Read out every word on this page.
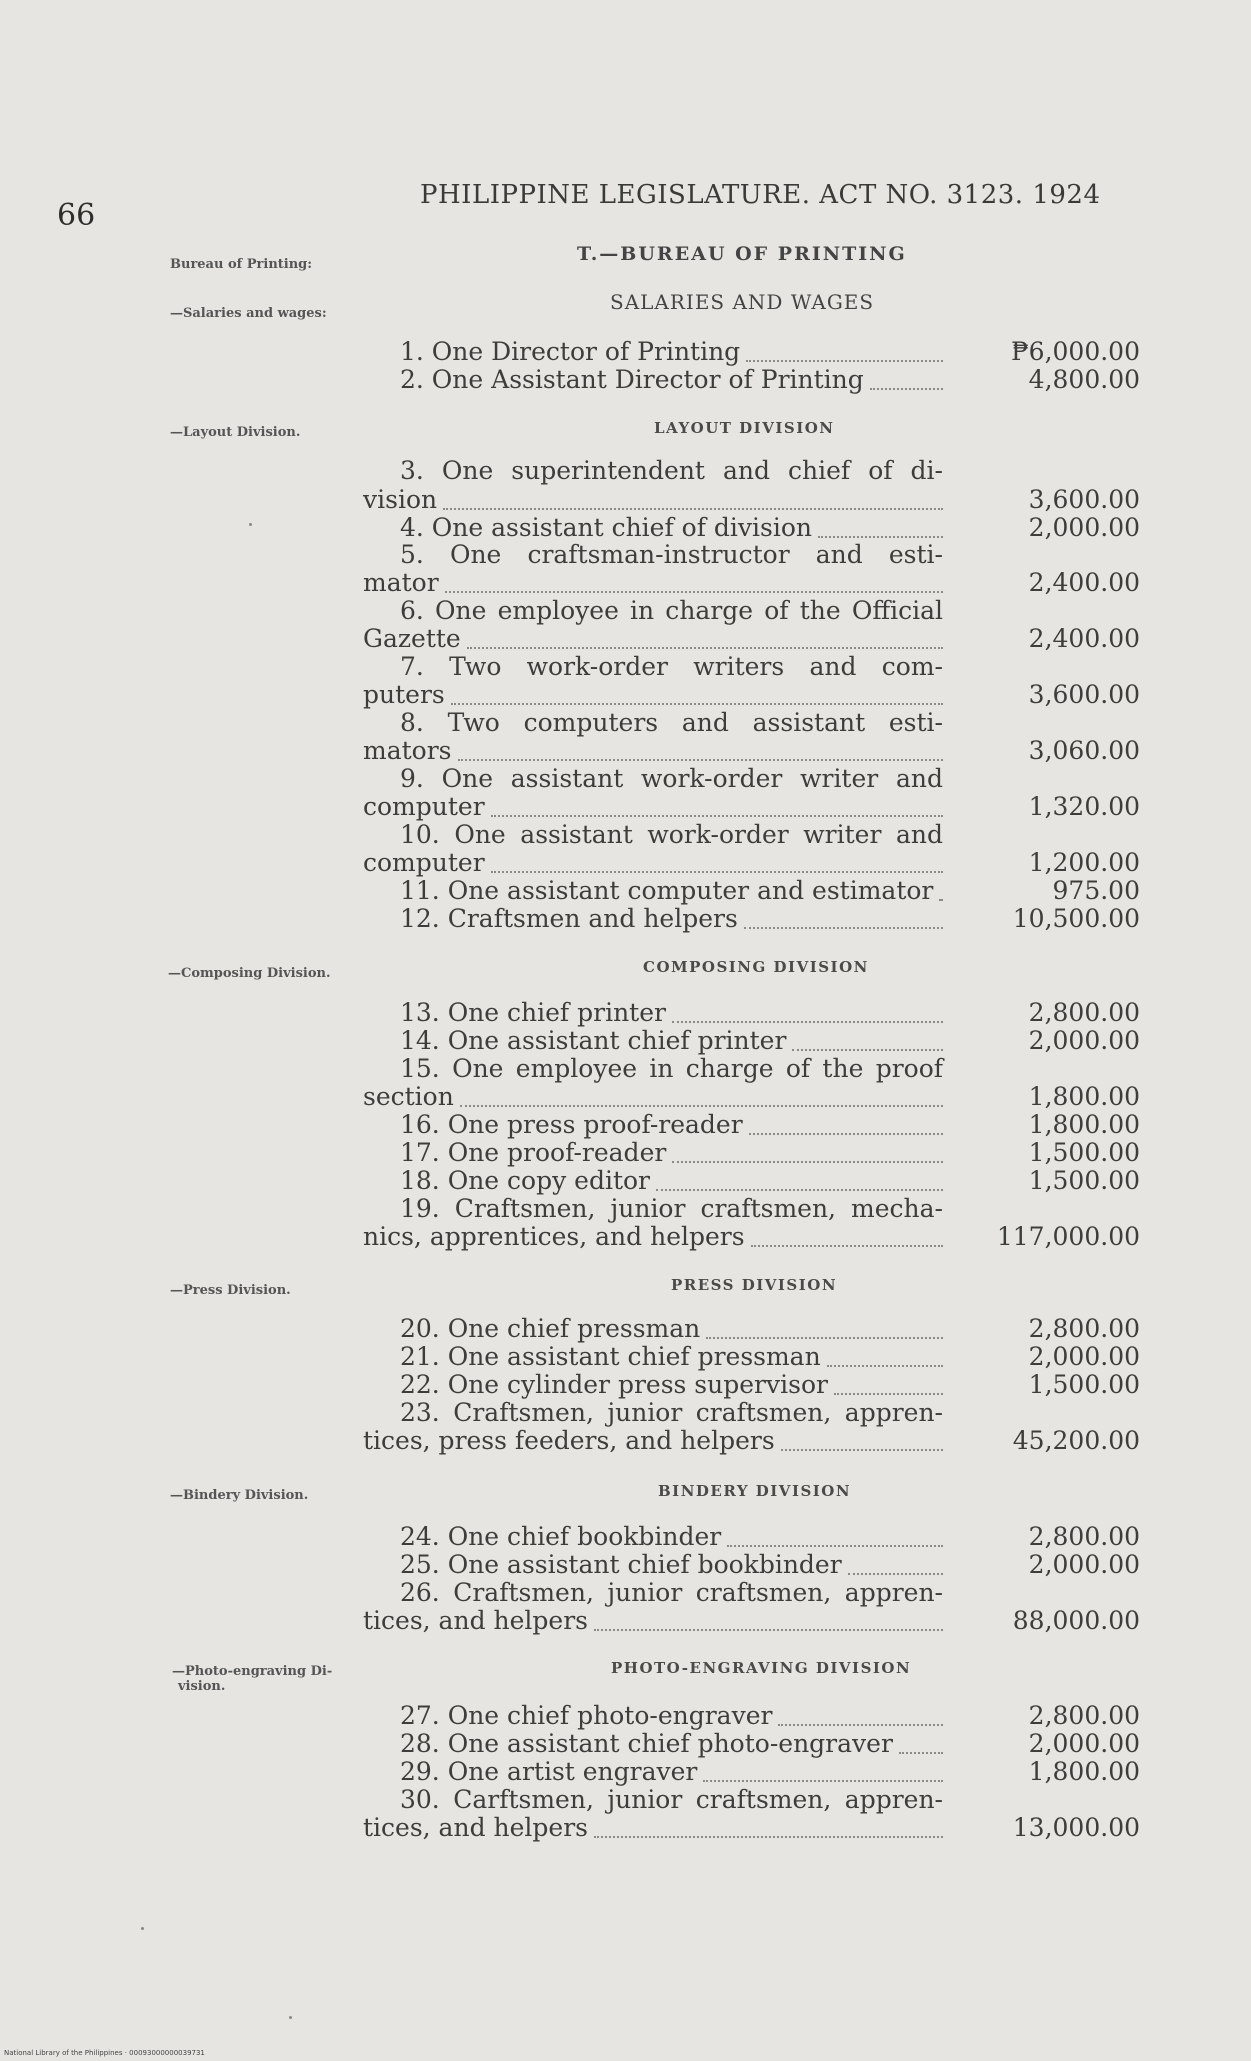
66
PHILIPPINE LEGISLATURE. ACT NO. 3123. 1924
Bureau of Printing:
—Salaries and wages:
—Layout Division.
—Composing Division.
—Press Division.
—Bindery Division.
—Photo-engraving Di-
vision.
T.—BUREAU OF PRINTING
SALARIES AND WAGES
LAYOUT DIVISION
COMPOSING DIVISION
PRESS DIVISION
BINDERY DIVISION
PHOTO-ENGRAVING DIVISION
1. One Director of Printing	₱6,000.00
2. One Assistant Director of Printing	4,800.00
3. One superintendent and chief of di-
vision	3,600.00
4. One assistant chief of division	2,000.00
5. One craftsman-instructor and esti-
mator	2,400.00
6. One employee in charge of the Official
Gazette	2,400.00
7. Two work-order writers and com-
puters	3,600.00
8. Two computers and assistant esti-
mators	3,060.00
9. One assistant work-order writer and
computer	1,320.00
10. One assistant work-order writer and
computer	1,200.00
11. One assistant computer and estimator	975.00
12. Craftsmen and helpers	10,500.00
13. One chief printer	2,800.00
14. One assistant chief printer	2,000.00
15. One employee in charge of the proof
section	1,800.00
16. One press proof-reader	1,800.00
17. One proof-reader	1,500.00
18. One copy editor	1,500.00
19. Craftsmen, junior craftsmen, mecha-
nics, apprentices, and helpers	117,000.00
20. One chief pressman	2,800.00
21. One assistant chief pressman	2,000.00
22. One cylinder press supervisor	1,500.00
23. Craftsmen, junior craftsmen, appren-
tices, press feeders, and helpers	45,200.00
24. One chief bookbinder	2,800.00
25. One assistant chief bookbinder	2,000.00
26. Craftsmen, junior craftsmen, appren-
tices, and helpers	88,000.00
27. One chief photo-engraver	2,800.00
28. One assistant chief photo-engraver	2,000.00
29. One artist engraver	1,800.00
30. Carftsmen, junior craftsmen, appren-
tices, and helpers	13,000.00
National Library of the Philippines · 00093000000039731
